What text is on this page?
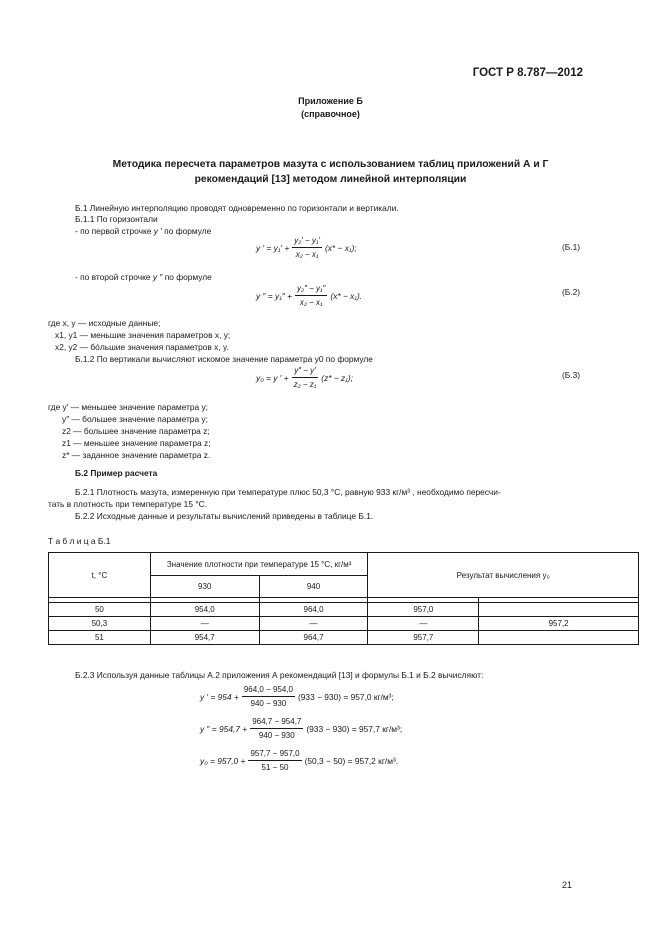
ГОСТ Р 8.787—2012
Приложение Б
(справочное)
Методика пересчета параметров мазута с использованием таблиц приложений А и Г
рекомендаций [13] методом линейной интерполяции
Б.1 Линейную интерполяцию проводят одновременно по горизонтали и вертикали.
Б.1.1 По горизонтали
- по первой строчке y ′ по формуле
y ′ = $y_1' + \frac{\text{y₂′ − y₁′}}{\text{x₂ − x₁}} (x* - x_1)$;	(Б.1)
- по второй строчке y ″ по формуле
y ″ = $y_1'' + \frac{\text{y₂″ − y₁″}}{\text{x₂ − x₁}} (x* - x_1)$.	(Б.2)
где x, y — исходные данные;
x1, y1 — меньшие значения параметров x, y;
x2, y2 — бóльшие значения параметров x, y.
Б.1.2 По вертикали вычисляют искомое значение параметра y0 по формуле
y₀ = y ′ + $\frac{y'' - y'}{\text{z₂ − z₁}} (z* - z_1)$;	(Б.3)
где y′ — меньшее значение параметра y;
y″ — большее значение параметра y;
z2 — большее значение параметра z;
z1 — меньшее значение параметра z;
z* — заданное значение параметра z.
Б.2 Пример расчета
Б.2.1 Плотность мазута, измеренную при температуре плюс 50,3 °С, равную 933 кг/м³ , необходимо пересчи-
тать в плотность при температуре 15 °С.
Б.2.2 Исходные данные и результаты вычислений приведены в таблице Б.1.
Т а б л и ц а Б.1
t, °С	Значение плотности при температуре 15 °С, кг/м³		Результат вычисления y₀	
	930	940		

50	954,0	964,0	957,0	
50,3	—	—	—	957,2
51	954,7	964,7	957,7	
Б.2.3 Используя данные таблицы А.2 приложения А рекомендаций [13] и формулы Б.1 и Б.2 вычисляют:
y ′ = $954 + \frac{964,0 - 954,0}{940 - 930} (933 - 930) = 957,0$ кг/м³;
y ″ = $954,7 + \frac{964,7 - 954,7}{940 - 930} (933 - 930) = 957,7$ кг/м³;
$y_0 = 957,0 + \frac{957,7 - 957,0}{51 - 50} (50,3 - 50) = 957,2$ кг/м³.
21
